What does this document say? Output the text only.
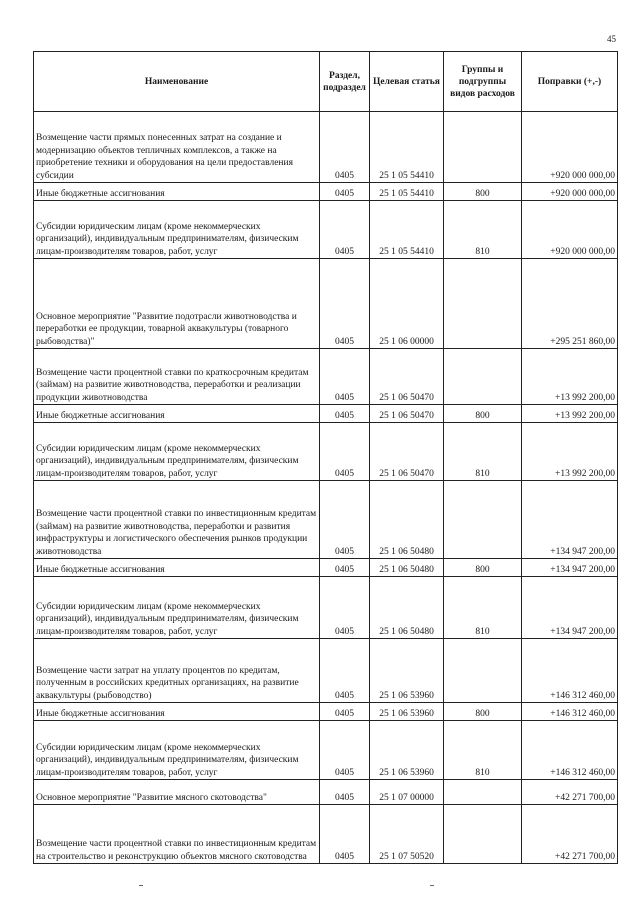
45
Наименование	Раздел, подраздел	Целевая статья	Группы и подгруппы видов расходов	Поправки (+,-)
Возмещение части прямых понесенных затрат на создание и модернизацию объектов тепличных комплексов, а также на приобретение техники и оборудования на цели предоставления субсидии	0405	25 1 05 54410		+920 000 000,00
Иные бюджетные ассигнования	0405	25 1 05 54410	800	+920 000 000,00
Субсидии юридическим лицам (кроме некоммерческих организаций), индивидуальным предпринимателям, физическим лицам-производителям товаров, работ, услуг	0405	25 1 05 54410	810	+920 000 000,00
Основное мероприятие "Развитие подотрасли животноводства и переработки ее продукции, товарной аквакультуры (товарного рыбоводства)"	0405	25 1 06 00000		+295 251 860,00
Возмещение части процентной ставки по краткосрочным кредитам (займам) на развитие животноводства, переработки и реализации продукции животноводства	0405	25 1 06 50470		+13 992 200,00
Иные бюджетные ассигнования	0405	25 1 06 50470	800	+13 992 200,00
Субсидии юридическим лицам (кроме некоммерческих организаций), индивидуальным предпринимателям, физическим лицам-производителям товаров, работ, услуг	0405	25 1 06 50470	810	+13 992 200,00
Возмещение части процентной ставки по инвестиционным кредитам (займам) на развитие животноводства, переработки и развития инфраструктуры и логистического обеспечения рынков продукции животноводства	0405	25 1 06 50480		+134 947 200,00
Иные бюджетные ассигнования	0405	25 1 06 50480	800	+134 947 200,00
Субсидии юридическим лицам (кроме некоммерческих организаций), индивидуальным предпринимателям, физическим лицам-производителям товаров, работ, услуг	0405	25 1 06 50480	810	+134 947 200,00
Возмещение части затрат на уплату процентов по кредитам, полученным в российских кредитных организациях, на развитие аквакультуры (рыбоводство)	0405	25 1 06 53960		+146 312 460,00
Иные бюджетные ассигнования	0405	25 1 06 53960	800	+146 312 460,00
Субсидии юридическим лицам (кроме некоммерческих организаций), индивидуальным предпринимателям, физическим лицам-производителям товаров, работ, услуг	0405	25 1 06 53960	810	+146 312 460,00
Основное мероприятие "Развитие мясного скотоводства"	0405	25 1 07 00000		+42 271 700,00
Возмещение части процентной ставки по инвестиционным кредитам на строительство и реконструкцию объектов мясного скотоводства	0405	25 1 07 50520		+42 271 700,00
